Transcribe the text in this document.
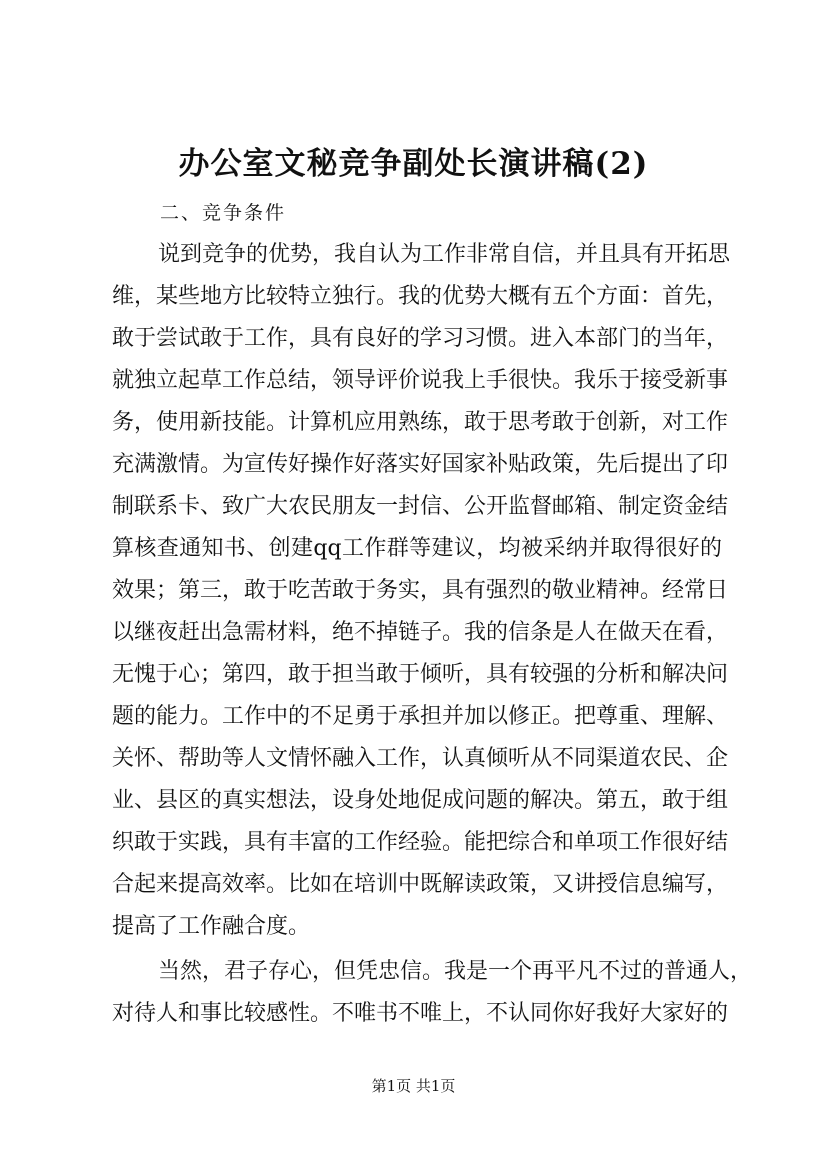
办公室文秘竞争副处长演讲稿(2)
二、竞争条件
说到竞争的优势，我自认为工作非常自信，并且具有开拓思
维，某些地方比较特立独行。我的优势大概有五个方面：首先，
敢于尝试敢于工作，具有良好的学习习惯。进入本部门的当年，
就独立起草工作总结，领导评价说我上手很快。我乐于接受新事
务，使用新技能。计算机应用熟练，敢于思考敢于创新，对工作
充满激情。为宣传好操作好落实好国家补贴政策，先后提出了印
制联系卡、致广大农民朋友一封信、公开监督邮箱、制定资金结
算核查通知书、创建qq工作群等建议，均被采纳并取得很好的
效果；第三，敢于吃苦敢于务实，具有强烈的敬业精神。经常日
以继夜赶出急需材料，绝不掉链子。我的信条是人在做天在看，
无愧于心；第四，敢于担当敢于倾听，具有较强的分析和解决问
题的能力。工作中的不足勇于承担并加以修正。把尊重、理解、
关怀、帮助等人文情怀融入工作，认真倾听从不同渠道农民、企
业、县区的真实想法，设身处地促成问题的解决。第五，敢于组
织敢于实践，具有丰富的工作经验。能把综合和单项工作很好结
合起来提高效率。比如在培训中既解读政策，又讲授信息编写，
提高了工作融合度。
当然，君子存心，但凭忠信。我是一个再平凡不过的普通人，
对待人和事比较感性。不唯书不唯上，不认同你好我好大家好的
第1页 共1页
